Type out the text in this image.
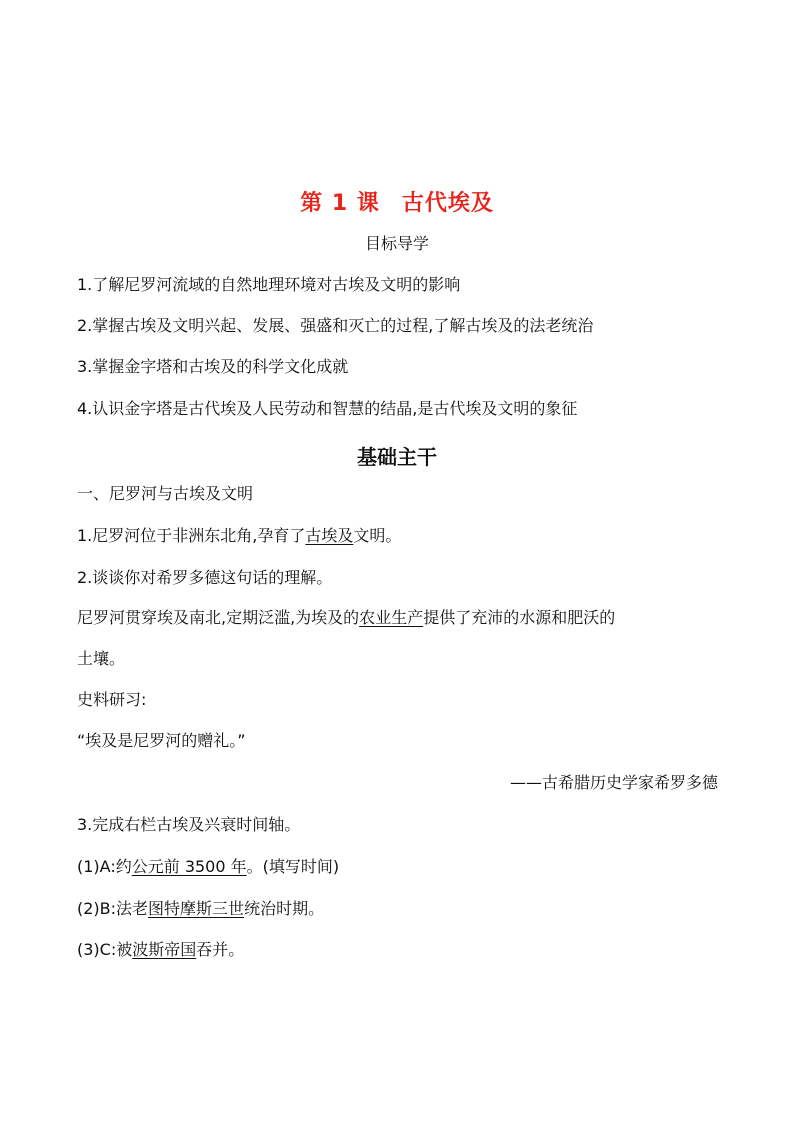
第 1 课 古代埃及
目标导学
1.了解尼罗河流域的自然地理环境对古埃及文明的影响
2.掌握古埃及文明兴起、发展、强盛和灭亡的过程,了解古埃及的法老统治
3.掌握金字塔和古埃及的科学文化成就
4.认识金字塔是古代埃及人民劳动和智慧的结晶,是古代埃及文明的象征
基础主干
一、尼罗河与古埃及文明
1.尼罗河位于非洲东北角,孕育了古埃及文明。
2.谈谈你对希罗多德这句话的理解。
尼罗河贯穿埃及南北,定期泛滥,为埃及的农业生产提供了充沛的水源和肥沃的
土壤。
史料研习:
“埃及是尼罗河的赠礼。”
——古希腊历史学家希罗多德
3.完成右栏古埃及兴衰时间轴。
(1)A:约公元前 3500 年。(填写时间)
(2)B:法老图特摩斯三世统治时期。
(3)C:被波斯帝国吞并。
